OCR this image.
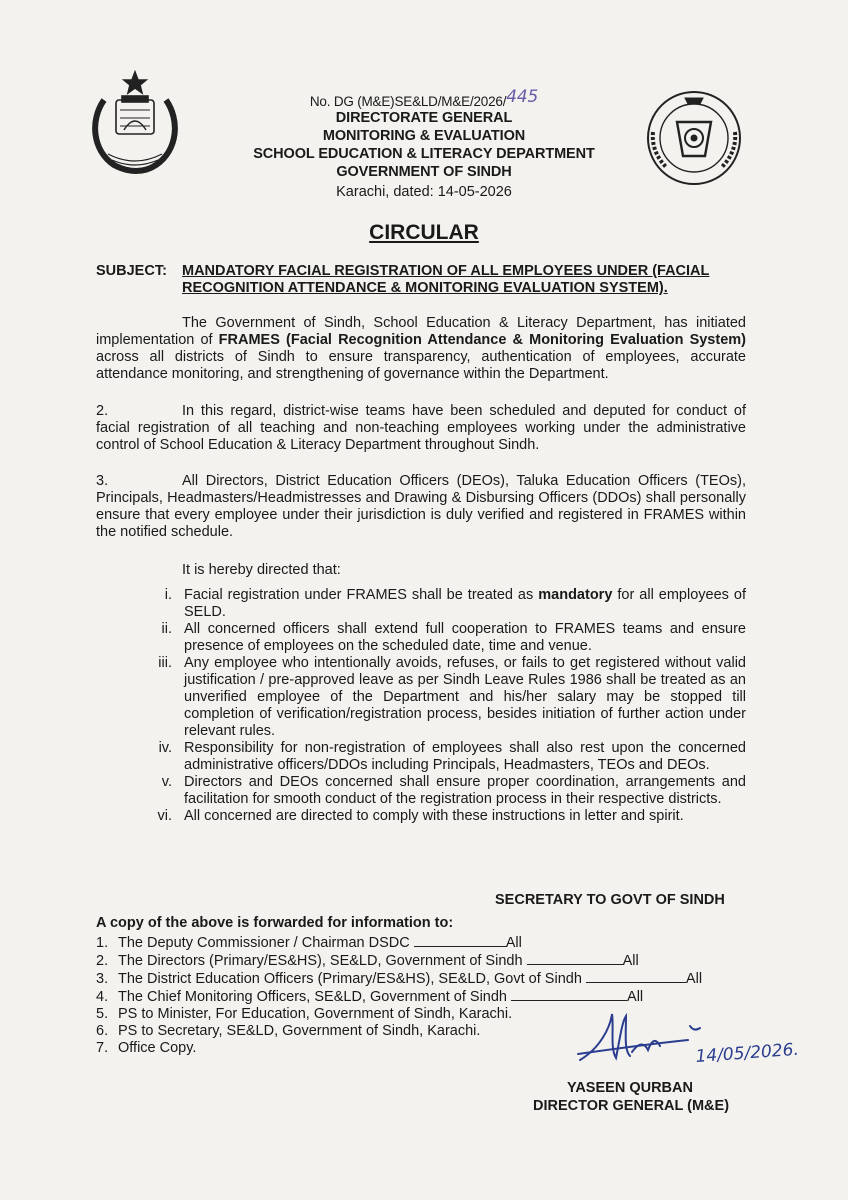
No. DG (M&E)SE&LD/M&E/2026/445
DIRECTORATE GENERAL
MONITORING & EVALUATION
SCHOOL EDUCATION & LITERACY DEPARTMENT
GOVERNMENT OF SINDH
Karachi, dated: 14-05-2026
CIRCULAR
SUBJECT: MANDATORY FACIAL REGISTRATION OF ALL EMPLOYEES UNDER (FACIAL RECOGNITION ATTENDANCE & MONITORING EVALUATION SYSTEM).
The Government of Sindh, School Education & Literacy Department, has initiated implementation of FRAMES (Facial Recognition Attendance & Monitoring Evaluation System) across all districts of Sindh to ensure transparency, authentication of employees, accurate attendance monitoring, and strengthening of governance within the Department.
2.	In this regard, district-wise teams have been scheduled and deputed for conduct of facial registration of all teaching and non-teaching employees working under the administrative control of School Education & Literacy Department throughout Sindh.
3.	All Directors, District Education Officers (DEOs), Taluka Education Officers (TEOs), Principals, Headmasters/Headmistresses and Drawing & Disbursing Officers (DDOs) shall personally ensure that every employee under their jurisdiction is duly verified and registered in FRAMES within the notified schedule.
It is hereby directed that:
i. Facial registration under FRAMES shall be treated as mandatory for all employees of SELD.
ii. All concerned officers shall extend full cooperation to FRAMES teams and ensure presence of employees on the scheduled date, time and venue.
iii. Any employee who intentionally avoids, refuses, or fails to get registered without valid justification / pre-approved leave as per Sindh Leave Rules 1986 shall be treated as an unverified employee of the Department and his/her salary may be stopped till completion of verification/registration process, besides initiation of further action under relevant rules.
iv. Responsibility for non-registration of employees shall also rest upon the concerned administrative officers/DDOs including Principals, Headmasters, TEOs and DEOs.
v. Directors and DEOs concerned shall ensure proper coordination, arrangements and facilitation for smooth conduct of the registration process in their respective districts.
vi. All concerned are directed to comply with these instructions in letter and spirit.
SECRETARY TO GOVT OF SINDH
A copy of the above is forwarded for information to:
1. The Deputy Commissioner / Chairman DSDC	All
2. The Directors (Primary/ES&HS), SE&LD, Government of Sindh	All
3. The District Education Officers (Primary/ES&HS), SE&LD, Govt of Sindh	All
4. The Chief Monitoring Officers, SE&LD, Government of Sindh	All
5. PS to Minister, For Education, Government of Sindh, Karachi.
6. PS to Secretary, SE&LD, Government of Sindh, Karachi.
7. Office Copy.	14/05/2026.
YASEEN QURBAN
DIRECTOR GENERAL (M&E)
